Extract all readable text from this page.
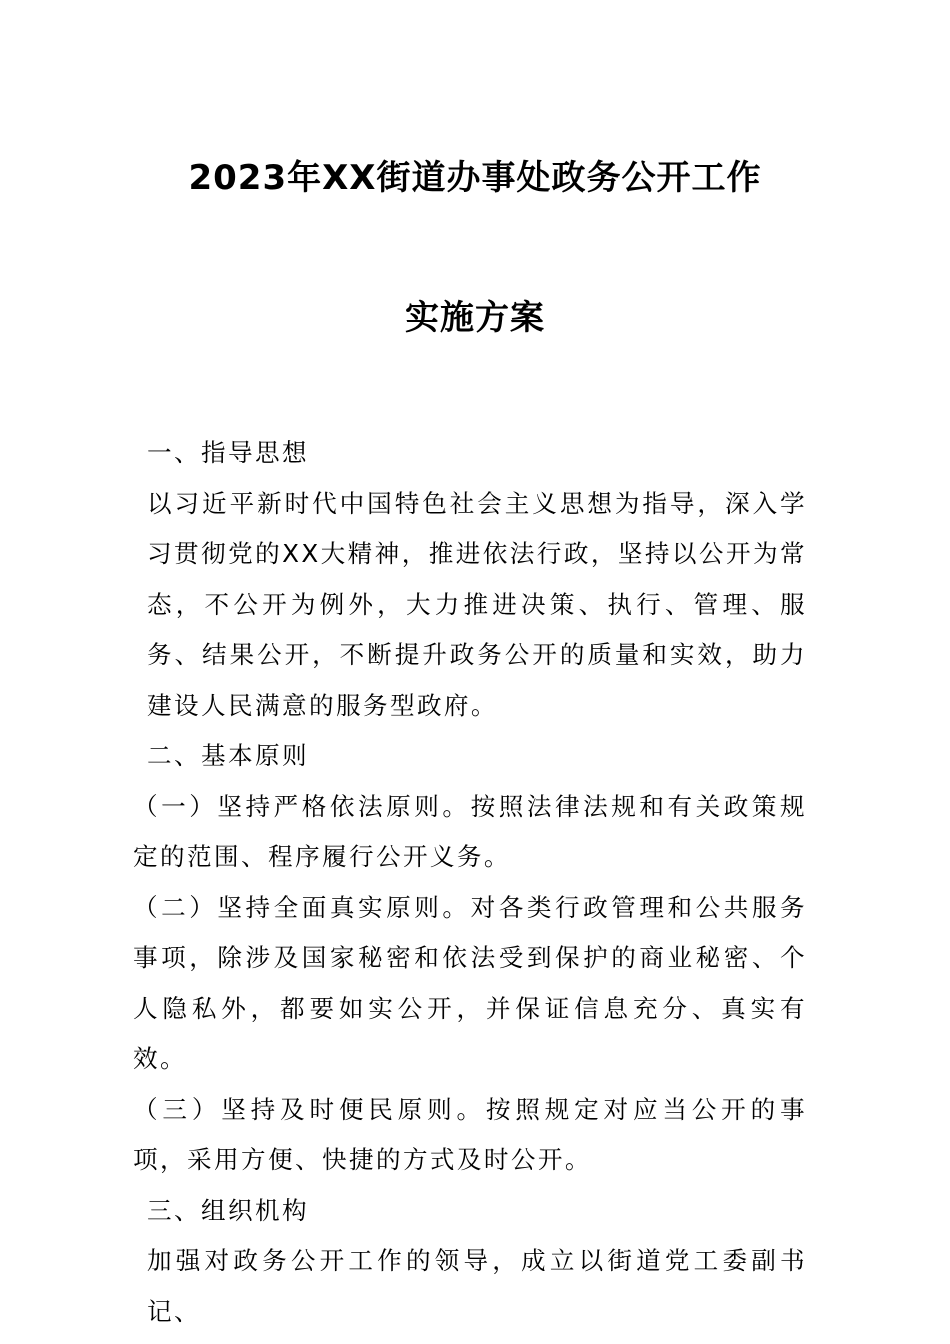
2023年XX街道办事处政务公开工作
实施方案

一、指导思想

以习近平新时代中国特色社会主义思想为指导，深入学习贯彻党的XX大精神，推进依法行政，坚持以公开为常态，不公开为例外，大力推进决策、执行、管理、服务、结果公开，不断提升政务公开的质量和实效，助力建设人民满意的服务型政府。

二、基本原则

（一）坚持严格依法原则。按照法律法规和有关政策规定的范围、程序履行公开义务。

（二）坚持全面真实原则。对各类行政管理和公共服务事项，除涉及国家秘密和依法受到保护的商业秘密、个人隐私外，都要如实公开，并保证信息充分、真实有效。

（三）坚持及时便民原则。按照规定对应当公开的事项，采用方便、快捷的方式及时公开。

三、组织机构

加强对政务公开工作的领导，成立以街道党工委副书记、
